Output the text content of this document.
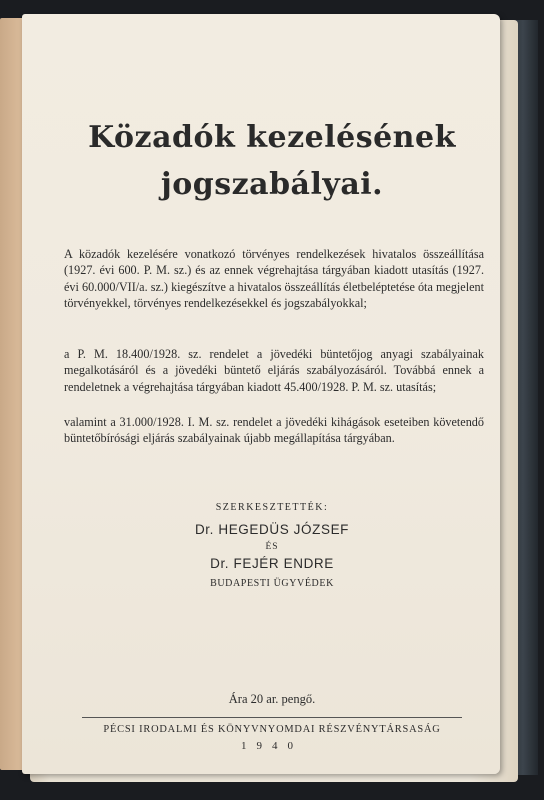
Közadók kezelésének jogszabályai.

A közadók kezelésére vonatkozó törvényes rendelkezések hivatalos összeállítása (1927. évi 600. P. M. sz.) és az ennek végrehajtása tárgyában kiadott utasítás (1927. évi 60.000/VII/a. sz.) kiegészítve a hivatalos összeállítás életbeléptetése óta megjelent törvényekkel, törvényes rendelkezésekkel és jogszabályokkal;

a P. M. 18.400/1928. sz. rendelet a jövedéki büntetőjog anyagi szabályainak megalkotásáról és a jövedéki büntető eljárás szabályozásáról. Továbbá ennek a rendeletnek a végrehajtása tárgyában kiadott 45.400/1928. P. M. sz. utasítás;

valamint a 31.000/1928. I. M. sz. rendelet a jövedéki kihágások eseteiben követendő büntetőbírósági eljárás szabályainak újabb megállapítása tárgyában.

SZERKESZTETTÉK:
Dr. HEGEDÜS JÓZSEF
ÉS
Dr. FEJÉR ENDRE
BUDAPESTI ÜGYVÉDEK
Ára 20 ar. pengő.
PÉCSI IRODALMI ÉS KÖNYVNYOMDAI RÉSZVÉNYTÁRSASÁG
1940
